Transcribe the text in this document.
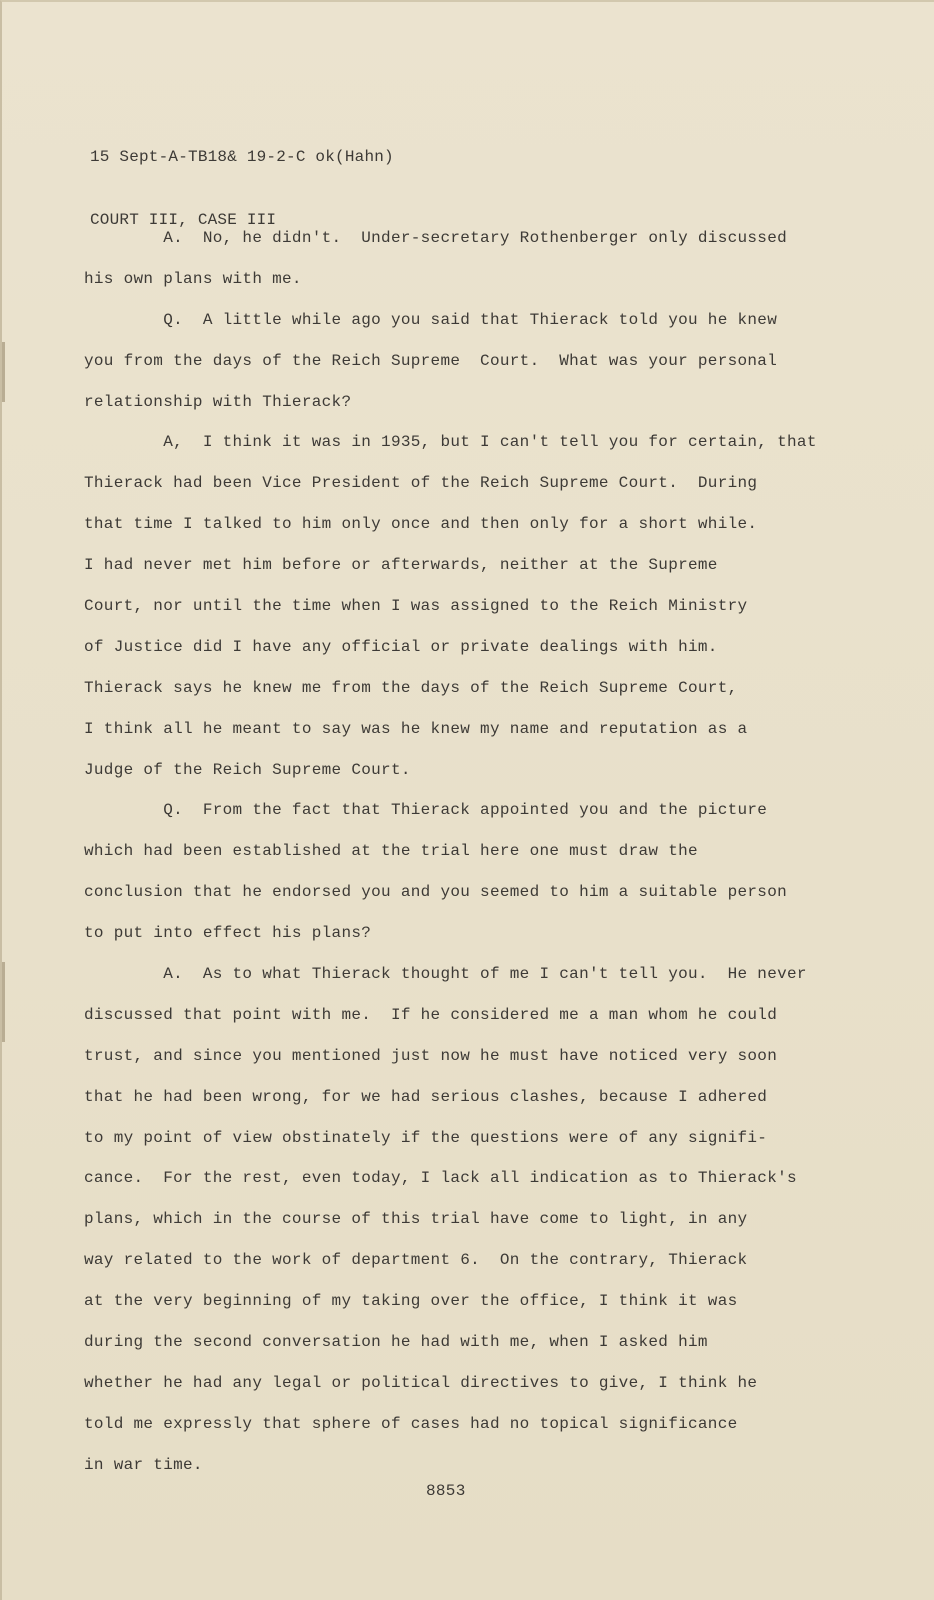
15 Sept-A-TB18& 19-2-C ok(Hahn)

COURT III, CASE III

A.  No, he didn't.  Under-secretary Rothenberger only discussed
his own plans with me.
Q.  A little while ago you said that Thierack told you he knew
you from the days of the Reich Supreme  Court.  What was your personal
relationship with Thierack?
A,  I think it was in 1935, but I can't tell you for certain, that
Thierack had been Vice President of the Reich Supreme Court.  During
that time I talked to him only once and then only for a short while.
I had never met him before or afterwards, neither at the Supreme
Court, nor until the time when I was assigned to the Reich Ministry
of Justice did I have any official or private dealings with him.
Thierack says he knew me from the days of the Reich Supreme Court,
I think all he meant to say was he knew my name and reputation as a
Judge of the Reich Supreme Court.
Q.  From the fact that Thierack appointed you and the picture
which had been established at the trial here one must draw the
conclusion that he endorsed you and you seemed to him a suitable person
to put into effect his plans?
A.  As to what Thierack thought of me I can't tell you.  He never
discussed that point with me.  If he considered me a man whom he could
trust, and since you mentioned just now he must have noticed very soon
that he had been wrong, for we had serious clashes, because I adhered
to my point of view obstinately if the questions were of any signifi-
cance.  For the rest, even today, I lack all indication as to Thierack's
plans, which in the course of this trial have come to light, in any
way related to the work of department 6.  On the contrary, Thierack
at the very beginning of my taking over the office, I think it was
during the second conversation he had with me, when I asked him
whether he had any legal or political directives to give, I think he
told me expressly that sphere of cases had no topical significance
in war time.
8853
